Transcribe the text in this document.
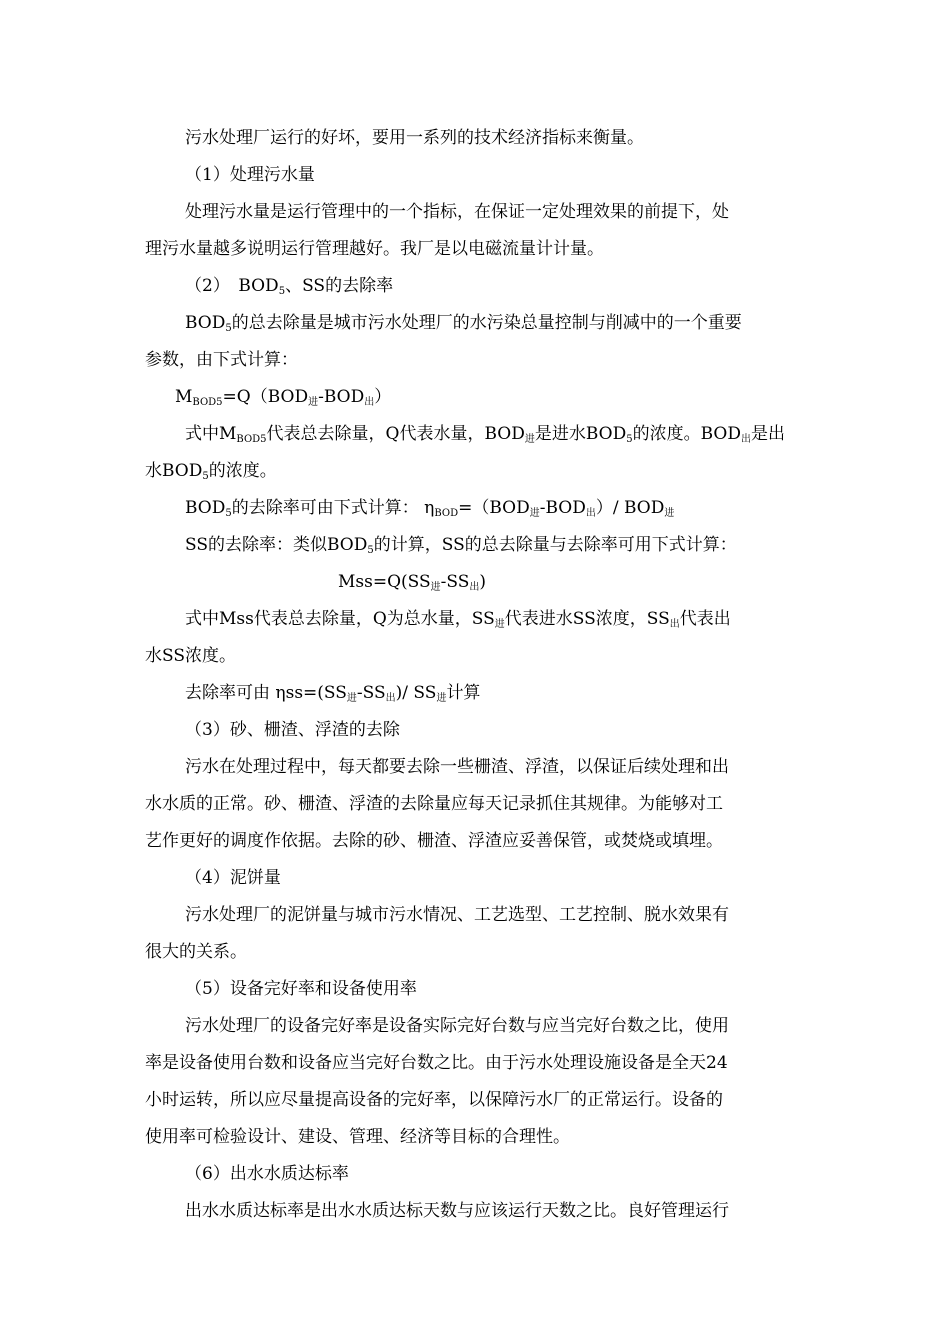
污水处理厂运行的好坏，要用一系列的技术经济指标来衡量。
（1）处理污水量
处理污水量是运行管理中的一个指标，在保证一定处理效果的前提下，处
理污水量越多说明运行管理越好。我厂是以电磁流量计计量。
（2）　$BOD_5$、SS的去除率
$BOD_5$的总去除量是城市污水处理厂的水污染总量控制与削减中的一个重要
参数，由下式计算：
$M_{BOD5}=Q(BOD_进-BOD_出)$
式中$M_{BOD5}$代表总去除量，Q代表水量，$BOD_进$是进水$BOD_5$的浓度。$BOD_出$是出
水$BOD_5$的浓度。
$BOD_5$的去除率可由下式计算： $\eta_{BOD}=(BOD_进-BOD_出)/$ $BOD_进$
SS的去除率：类似$BOD_5$的计算，SS的总去除量与去除率可用下式计算：
$Mss=Q(SS_进-SS_出)$
式中Mss代表总去除量，Q为总水量，$SS_进$代表进水SS浓度，$SS_出$代表出
水SS浓度。
去除率可由 $\eta ss=(SS_进-SS_出)/$ $SS_进$计算
（3）砂、栅渣、浮渣的去除
污水在处理过程中，每天都要去除一些栅渣、浮渣，以保证后续处理和出
水水质的正常。砂、栅渣、浮渣的去除量应每天记录抓住其规律。为能够对工
艺作更好的调度作依据。去除的砂、栅渣、浮渣应妥善保管，或焚烧或填埋。
（4）泥饼量
污水处理厂的泥饼量与城市污水情况、工艺选型、工艺控制、脱水效果有
很大的关系。
（5）设备完好率和设备使用率
污水处理厂的设备完好率是设备实际完好台数与应当完好台数之比，使用
率是设备使用台数和设备应当完好台数之比。由于污水处理设施设备是全天24
小时运转，所以应尽量提高设备的完好率，以保障污水厂的正常运行。设备的
使用率可检验设计、建设、管理、经济等目标的合理性。
（6）出水水质达标率
出水水质达标率是出水水质达标天数与应该运行天数之比。良好管理运行
